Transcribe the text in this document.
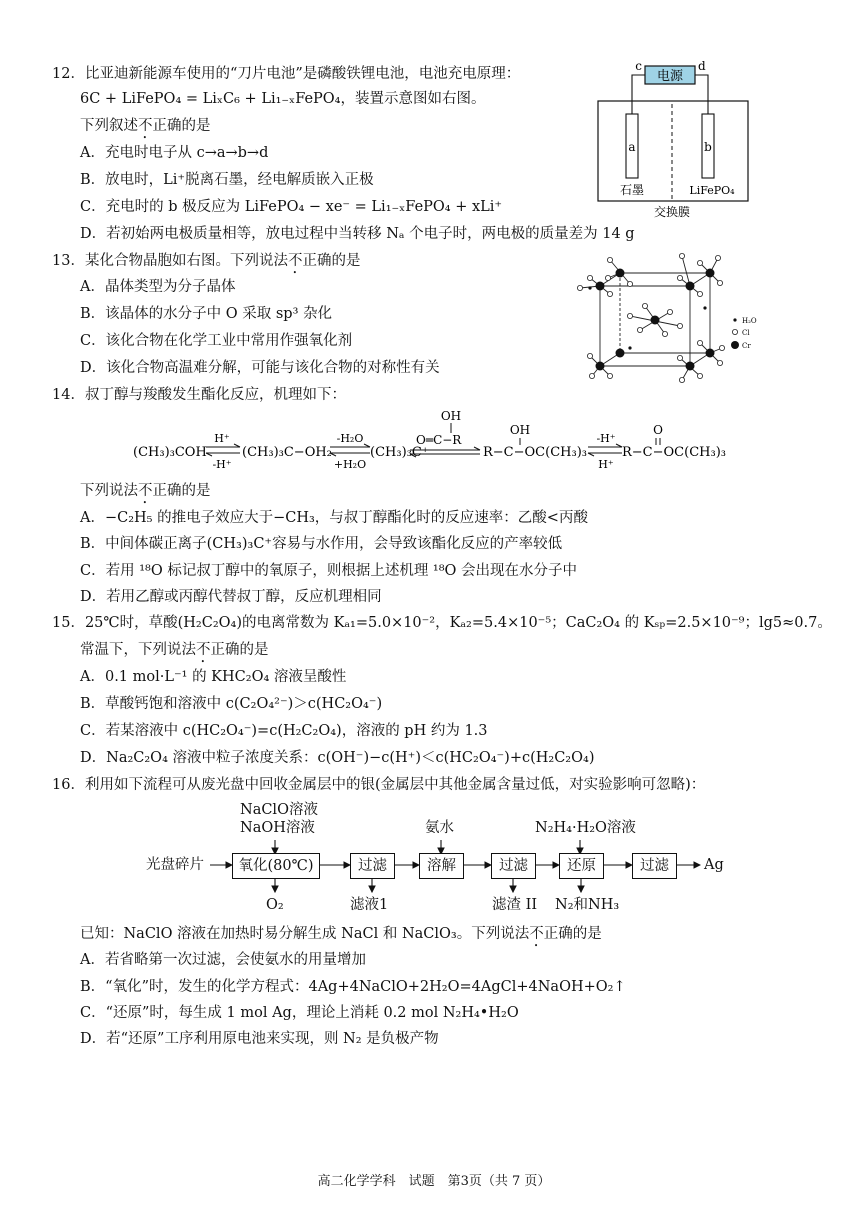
12．比亚迪新能源车使用的“刀片电池”是磷酸铁锂电池，电池充电原理：
6C + LiFePO₄ = LiₓC₆ + Li₁₋ₓFePO₄，装置示意图如右图。
下列叙述不正确的是
A．充电时电子从 c→a→b→d
B．放电时，Li⁺脱离石墨，经电解质嵌入正极
C．充电时的 b 极反应为 LiFePO₄ − xe⁻ = Li₁₋ₓFePO₄ + xLi⁺
D．若初始两电极质量相等，放电过程中当转移 Nₐ 个电子时，两电极的质量差为 14 g
电源
c	d
a	b
石墨	LiFePO₄
交换膜
13．某化合物晶胞如右图。下列说法不正确的是
A．晶体类型为分子晶体
B．该晶体的水分子中 O 采取 sp³ 杂化
C．该化合物在化学工业中常用作强氧化剂
D．该化合物高温难分解，可能与该化合物的对称性有关
H₂O
Cl
Cr
14．叔丁醇与羧酸发生酯化反应，机理如下：
(CH₃)₃COH
H⁺
-H⁺
(CH₃)₃C−OH₂
-H₂O
+H₂O
(CH₃)₃C⁺
OH
O═C−R
OH
R−C−OC(CH₃)₃
-H⁺
H⁺
O
R−C−OC(CH₃)₃
下列说法不正确的是
A．−C₂H₅ 的推电子效应大于−CH₃，与叔丁醇酯化时的反应速率：乙酸<丙酸
B．中间体碳正离子(CH₃)₃C⁺容易与水作用，会导致该酯化反应的产率较低
C．若用 ¹⁸O 标记叔丁醇中的氧原子，则根据上述机理 ¹⁸O 会出现在水分子中
D．若用乙醇或丙醇代替叔丁醇，反应机理相同
15．25℃时，草酸(H₂C₂O₄)的电离常数为 Kₐ₁=5.0×10⁻²，Kₐ₂=5.4×10⁻⁵；CaC₂O₄ 的 Kₛₚ=2.5×10⁻⁹；lg5≈0.7。
常温下，下列说法不正确的是
A．0.1 mol·L⁻¹ 的 KHC₂O₄ 溶液呈酸性
B．草酸钙饱和溶液中 c(C₂O₄²⁻)＞c(HC₂O₄⁻)
C．若某溶液中 c(HC₂O₄⁻)=c(H₂C₂O₄)，溶液的 pH 约为 1.3
D．Na₂C₂O₄ 溶液中粒子浓度关系：c(OH⁻)−c(H⁺)＜c(HC₂O₄⁻)+c(H₂C₂O₄)
16．利用如下流程可从废光盘中回收金属层中的银(金属层中其他金属含量过低，对实验影响可忽略)：
NaClO溶液
NaOH溶液	氨水	N₂H₄·H₂O溶液
光盘碎片	氧化(80℃)	过滤	溶解	过滤	还原	过滤	Ag
O₂	滤液1	滤渣 II N₂和NH₃
已知：NaClO 溶液在加热时易分解生成 NaCl 和 NaClO₃。下列说法不正确的是
A．若省略第一次过滤，会使氨水的用量增加
B．“氧化”时，发生的化学方程式：4Ag+4NaClO+2H₂O=4AgCl+4NaOH+O₂↑
C．“还原”时，每生成 1 mol Ag，理论上消耗 0.2 mol N₂H₄•H₂O
D．若“还原”工序利用原电池来实现，则 N₂ 是负极产物
高二化学学科　试题　第3页（共 7 页）
